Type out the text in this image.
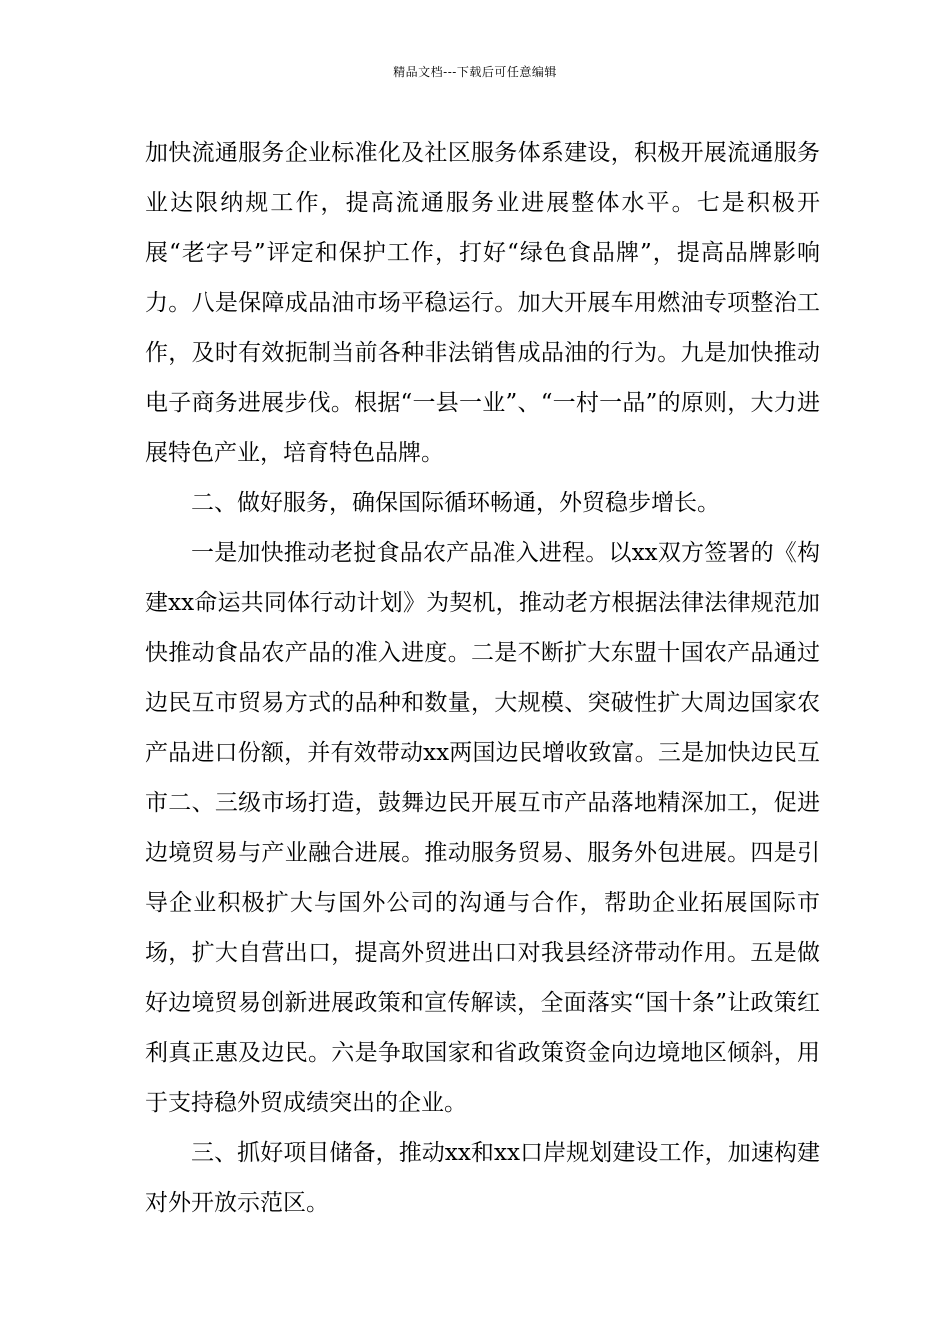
精品文档---下载后可任意编辑

加快流通服务企业标准化及社区服务体系建设，积极开展流通服务业达限纳规工作，提高流通服务业进展整体水平。七是积极开展“老字号”评定和保护工作，打好“绿色食品牌”，提高品牌影响力。八是保障成品油市场平稳运行。加大开展车用燃油专项整治工作，及时有效扼制当前各种非法销售成品油的行为。九是加快推动电子商务进展步伐。根据“一县一业”、“一村一品”的原则，大力进展特色产业，培育特色品牌。

二、做好服务，确保国际循环畅通，外贸稳步增长。

一是加快推动老挝食品农产品准入进程。以xx双方签署的《构建xx命运共同体行动计划》为契机，推动老方根据法律法律规范加快推动食品农产品的准入进度。二是不断扩大东盟十国农产品通过边民互市贸易方式的品种和数量，大规模、突破性扩大周边国家农产品进口份额，并有效带动xx两国边民增收致富。三是加快边民互市二、三级市场打造，鼓舞边民开展互市产品落地精深加工，促进边境贸易与产业融合进展。推动服务贸易、服务外包进展。四是引导企业积极扩大与国外公司的沟通与合作，帮助企业拓展国际市场，扩大自营出口，提高外贸进出口对我县经济带动作用。五是做好边境贸易创新进展政策和宣传解读，全面落实“国十条”让政策红利真正惠及边民。六是争取国家和省政策资金向边境地区倾斜，用于支持稳外贸成绩突出的企业。

三、抓好项目储备，推动xx和xx口岸规划建设工作，加速构建对外开放示范区。
